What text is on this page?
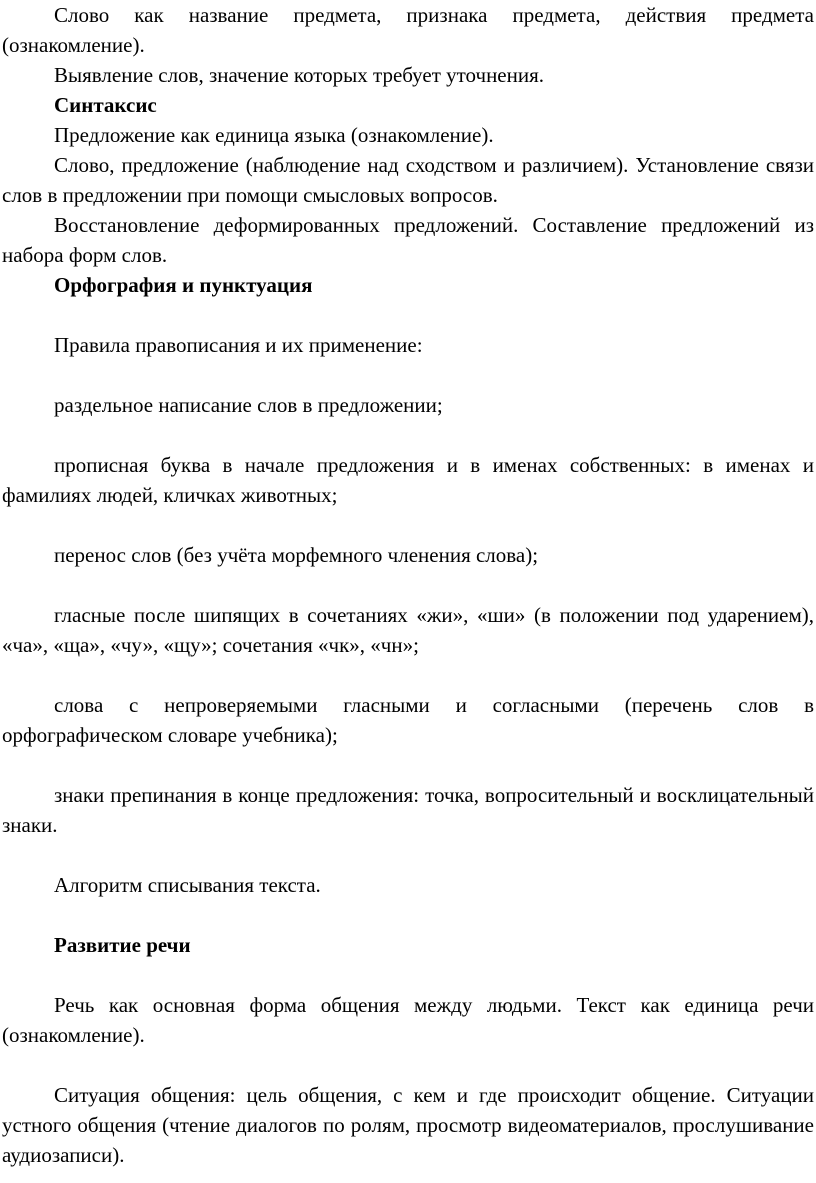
Слово как название предмета, признака предмета, действия предмета (ознакомление).

Выявление слов, значение которых требует уточнения.

Синтаксис

Предложение как единица языка (ознакомление).

Слово, предложение (наблюдение над сходством и различием). Установление связи слов в предложении при помощи смысловых вопросов.

Восстановление деформированных предложений. Составление предложений из набора форм слов.

Орфография и пунктуация

Правила правописания и их применение:

раздельное написание слов в предложении;

прописная буква в начале предложения и в именах собственных: в именах и фамилиях людей, кличках животных;

перенос слов (без учёта морфемного членения слова);

гласные после шипящих в сочетаниях «жи», «ши» (в положении под ударением), «ча», «ща», «чу», «щу»; сочетания «чк», «чн»;

слова с непроверяемыми гласными и согласными (перечень слов в орфографическом словаре учебника);

знаки препинания в конце предложения: точка, вопросительный и восклицательный знаки.

Алгоритм списывания текста.

Развитие речи

Речь как основная форма общения между людьми. Текст как единица речи (ознакомление).

Ситуация общения: цель общения, с кем и где происходит общение. Ситуации устного общения (чтение диалогов по ролям, просмотр видеоматериалов, прослушивание аудиозаписи).
